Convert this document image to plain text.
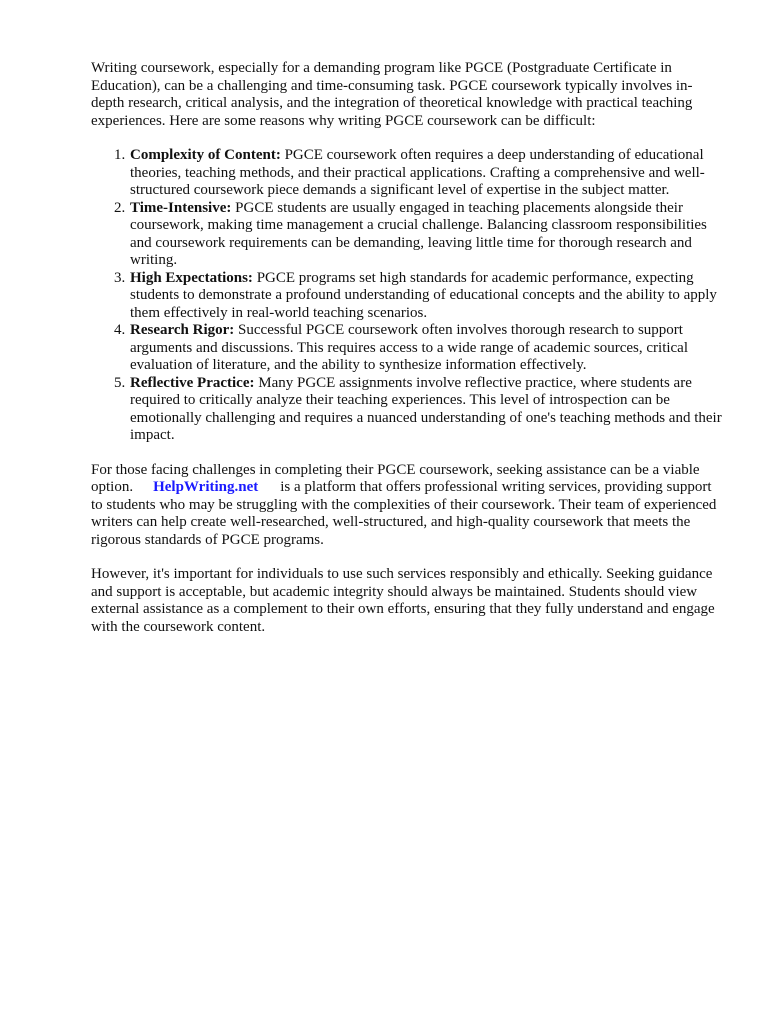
Writing coursework, especially for a demanding program like PGCE (Postgraduate Certificate in Education), can be a challenging and time-consuming task. PGCE coursework typically involves in-depth research, critical analysis, and the integration of theoretical knowledge with practical teaching experiences. Here are some reasons why writing PGCE coursework can be difficult:

1. Complexity of Content: PGCE coursework often requires a deep understanding of educational theories, teaching methods, and their practical applications. Crafting a comprehensive and well-structured coursework piece demands a significant level of expertise in the subject matter.
2. Time-Intensive: PGCE students are usually engaged in teaching placements alongside their coursework, making time management a crucial challenge. Balancing classroom responsibilities and coursework requirements can be demanding, leaving little time for thorough research and writing.
3. High Expectations: PGCE programs set high standards for academic performance, expecting students to demonstrate a profound understanding of educational concepts and the ability to apply them effectively in real-world teaching scenarios.
4. Research Rigor: Successful PGCE coursework often involves thorough research to support arguments and discussions. This requires access to a wide range of academic sources, critical evaluation of literature, and the ability to synthesize information effectively.
5. Reflective Practice: Many PGCE assignments involve reflective practice, where students are required to critically analyze their teaching experiences. This level of introspection can be emotionally challenging and requires a nuanced understanding of one's teaching methods and their impact.

For those facing challenges in completing their PGCE coursework, seeking assistance can be a viable option. HelpWriting.net is a platform that offers professional writing services, providing support to students who may be struggling with the complexities of their coursework. Their team of experienced writers can help create well-researched, well-structured, and high-quality coursework that meets the rigorous standards of PGCE programs.

However, it's important for individuals to use such services responsibly and ethically. Seeking guidance and support is acceptable, but academic integrity should always be maintained. Students should view external assistance as a complement to their own efforts, ensuring that they fully understand and engage with the coursework content.
